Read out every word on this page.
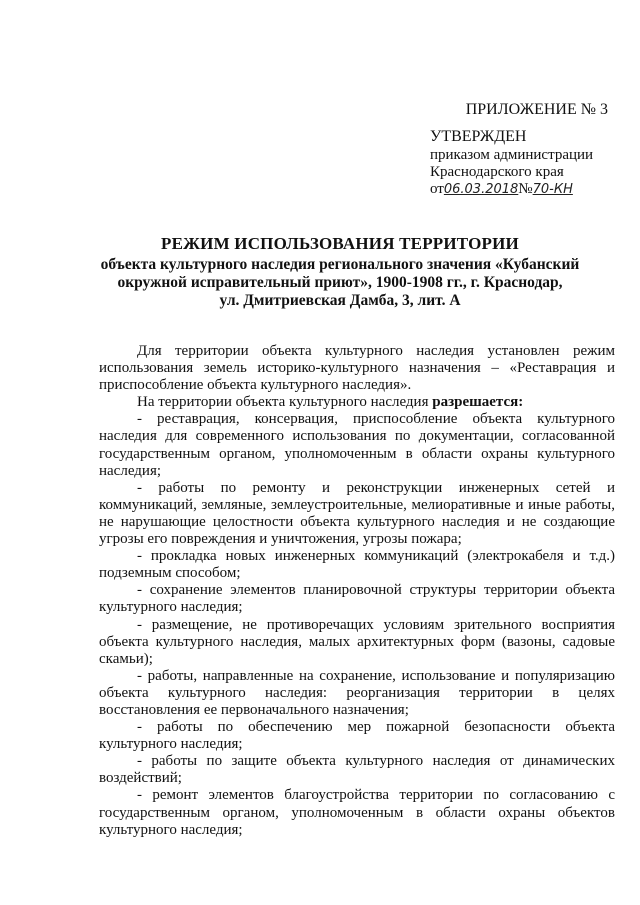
ПРИЛОЖЕНИЕ № 3
УТВЕРЖДЕН
приказом администрации
Краснодарского края
от06.03.2018№70-КН
РЕЖИМ ИСПОЛЬЗОВАНИЯ ТЕРРИТОРИИ
объекта культурного наследия регионального значения «Кубанский
окружной исправительный приют», 1900-1908 гг., г. Краснодар,
ул. Дмитриевская Дамба, 3, лит. А

Для территории объекта культурного наследия установлен режим использования земель историко-культурного назначения – «Реставрация и приспособление объекта культурного наследия».

На территории объекта культурного наследия разрешается:

- реставрация, консервация, приспособление объекта культурного наследия для современного использования по документации, согласованной государственным органом, уполномоченным в области охраны культурного наследия;

- работы по ремонту и реконструкции инженерных сетей и коммуникаций, земляные, землеустроительные, мелиоративные и иные работы, не нарушающие целостности объекта культурного наследия и не создающие угрозы его повреждения и уничтожения, угрозы пожара;

- прокладка новых инженерных коммуникаций (электрокабеля и т.д.) подземным способом;

- сохранение элементов планировочной структуры территории объекта культурного наследия;

- размещение, не противоречащих условиям зрительного восприятия объекта культурного наследия, малых архитектурных форм (вазоны, садовые скамьи);

- работы, направленные на сохранение, использование и популяризацию объекта культурного наследия: реорганизация территории в целях восстановления ее первоначального назначения;

- работы по обеспечению мер пожарной безопасности объекта культурного наследия;

- работы по защите объекта культурного наследия от динамических воздействий;

- ремонт элементов благоустройства территории по согласованию с государственным органом, уполномоченным в области охраны объектов культурного наследия;
